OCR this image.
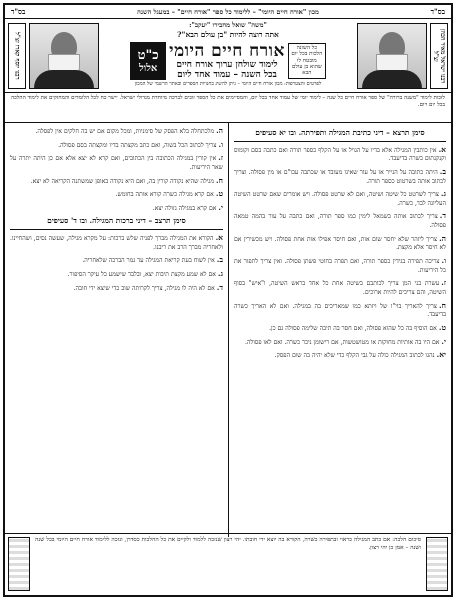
בס"ד
מכון "אורח חיים היומי" – ללימוד כל ספר "אורח חיים" – במעגל השנה
בס"ד
רבנו ישראל מאיר הכהן זצ"ל
רבנו יוסף קארו זצ"ל
"משה" שואל מחבירו "יעקב":
אתה רוצה להיות "בן עולם הבא"?
כל השונה הלכות בכל יום מובטח לו שהוא בן עולם הבא
אורח חיים היומי
לימוד שולחן ערוך אורח חיים
בכל השנה – עמוד אחד ליום
כ"ט
אלול
לפרטים והצטרפות: מכון אורח חיים היומי – ניתן להשיג בחנויות הספרים ובאתר הרשמי של המכון
לזכות לימוד "משנה ברורה" של ספר אורח חיים כל שנה – לימוד יומי של עמוד אחד בכל יום, והמסיימים את כל הספר זוכים לברכה מיוחדת מגדולי ישראל. יישר כח לכל הלומדים והמחזקים את לימוד ההלכה בכל יום ויום.
סימן תרצא – דיני כתיבת המגילה ותפירתה. ובו יא סעיפים
א.אין כותבין המגילה אלא בדיו על הגויל או על הקלף כספר תורה ואם כתבה בסם וקומוס וקנקנתום כשרה בדיעבד.
ב.היתה כתובה על הנייר או על עור שאינו מעובד או שכתבה עכו"ם או מין פסולה. וצריך לכתוב אותה בשרטוט כספר תורה.
ג.צריך לשרטט כל שיטה ושיטה, ואם לא שרטט פסולה. ויש אומרים שאם שרטט השיטה העליונה לבד, כשרה.
ד.צריך לכתוב אותה בשמאל לימין כמו ספר תורה, ואם כתבה על עור בהמה טמאה פסולה.
ה.צריך ליזהר שלא יחסר שום אות, ואם חיסר אפילו אות אחת פסולה. ויש מכשירין אם לא חיסר אלא מקצת.
ו.צריכה תפירה בגידין כספר תורה, ואם תפרה בחוטי פשתן פסולה. ואין צריך לתפור את כל היריעות.
ז.עשרת בני המן צריך לכותבם בשיטה אחת כל אחד בראש השיטה, ו"איש" בסוף השיטה, והם צריכים להיות ארוכים.
ח.צריך להאריך בוי"ו של ויזתא כמו שמאריכים בה במגילה. ואם לא האריך כשרה בדיעבד.
ט.אם הוסיף בה כל שהוא פסולה, ואם חסר בה תיבה שלימה פסולה גם כן.
י.אם היו בה אותיות מחוקות או מטושטשות, אם רישומן ניכר כשרה. ואם לאו פסולה.
יא.נהגו לכתוב המגילה כולה על גבי הקלף כדי שלא יהיה בה שום הפסק.
ה.מלכתחלה בלא הפסק של סימניות, ומכל מקום אם יש בה חלקים אין לפסלה.
ו.צריך לכתוב הכל בשוה, ואם כתב מקצתה בדיו ומקצתה בסם פסולה.
ז.אין קורין במגילה הכתובה בין הכתובים, ואם קרא לא יצא אלא אם כן היתה יתרה על שאר היריעות.
ח.מגילה שהיא נקודה קורין בה, ואם היא נקודה באופן שמשתנה הקריאה לא יצא.
ט.אם קרא מגילה כשרה קורא אותה בחומש.
י.אם קרא במגילה גזולה יצא.
סימן תרצב – דיני ברכות המגילה. ובו ד' סעיפים
א.הקורא את המגילה מברך לפניה שלש ברכות: על מקרא מגילה, שעשה נסים, ושהחיינו. ולאחריה מברך הרב את ריבנו.
ב.אין לשוח בעת קריאת המגילה עד גמר הברכה שלאחריה.
ג.אם לא שמע מקצת תיבות יצא, ובלבד שישמע כל עיקר הסיפור.
ד.אם לא היה לו מגילה, צריך לקרותה שוב כדי שיצא ידי חובה.
סיכום הלכה: אם כתב המגילה כראוי ובתפירה כשרה, הקורא בה יוצא ידי חובתו. יהי רצון שנזכה ללמוד ולקיים את כל ההלכות כסדרן, ונזכה ללימוד אורח חיים היומי בכל שנה ושנה – אמן כן יהי רצון.
